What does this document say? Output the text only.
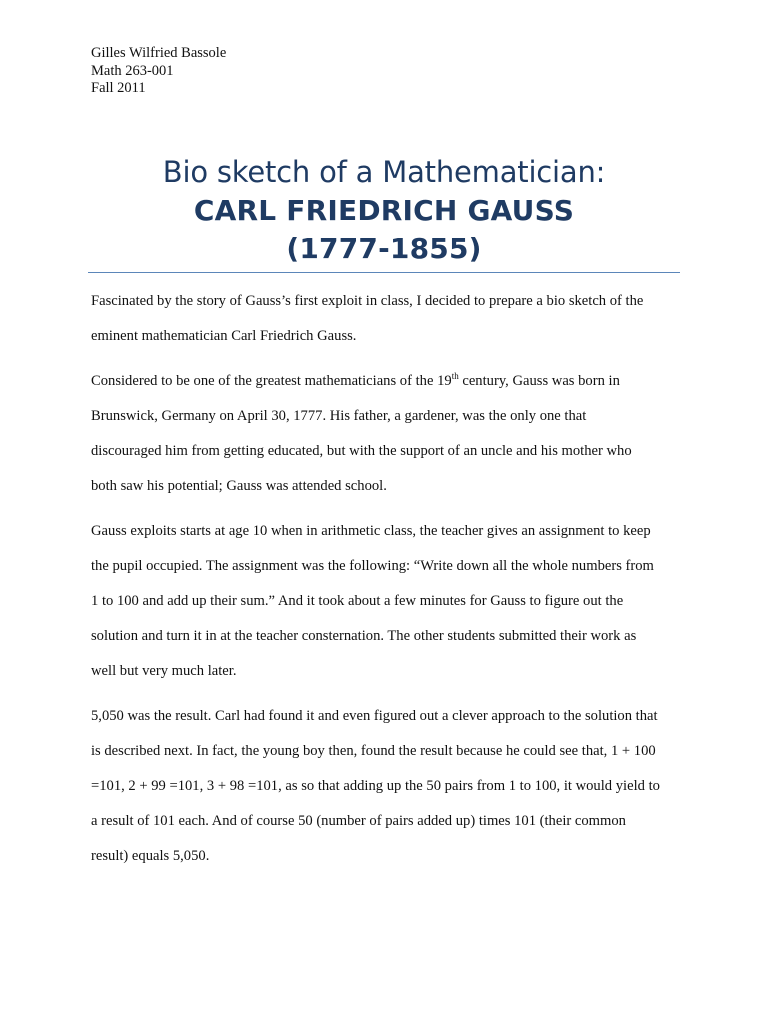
Gilles Wilfried Bassole
Math 263-001
Fall 2011
Bio sketch of a Mathematician:
CARL FRIEDRICH GAUSS
(1777-1855)
Fascinated by the story of Gauss’s first exploit in class, I decided to prepare a bio sketch of the
eminent mathematician Carl Friedrich Gauss.
Considered to be one of the greatest mathematicians of the 19th century, Gauss was born in
Brunswick, Germany on April 30, 1777. His father, a gardener, was the only one that
discouraged him from getting educated, but with the support of an uncle and his mother who
both saw his potential; Gauss was attended school.
Gauss exploits starts at age 10 when in arithmetic class, the teacher gives an assignment to keep
the pupil occupied. The assignment was the following: “Write down all the whole numbers from
1 to 100 and add up their sum.” And it took about a few minutes for Gauss to figure out the
solution and turn it in at the teacher consternation. The other students submitted their work as
well but very much later.
5,050 was the result. Carl had found it and even figured out a clever approach to the solution that
is described next. In fact, the young boy then, found the result because he could see that, 1 + 100
=101, 2 + 99 =101, 3 + 98 =101, as so that adding up the 50 pairs from 1 to 100, it would yield to
a result of 101 each. And of course 50 (number of pairs added up) times 101 (their common
result) equals 5,050.
